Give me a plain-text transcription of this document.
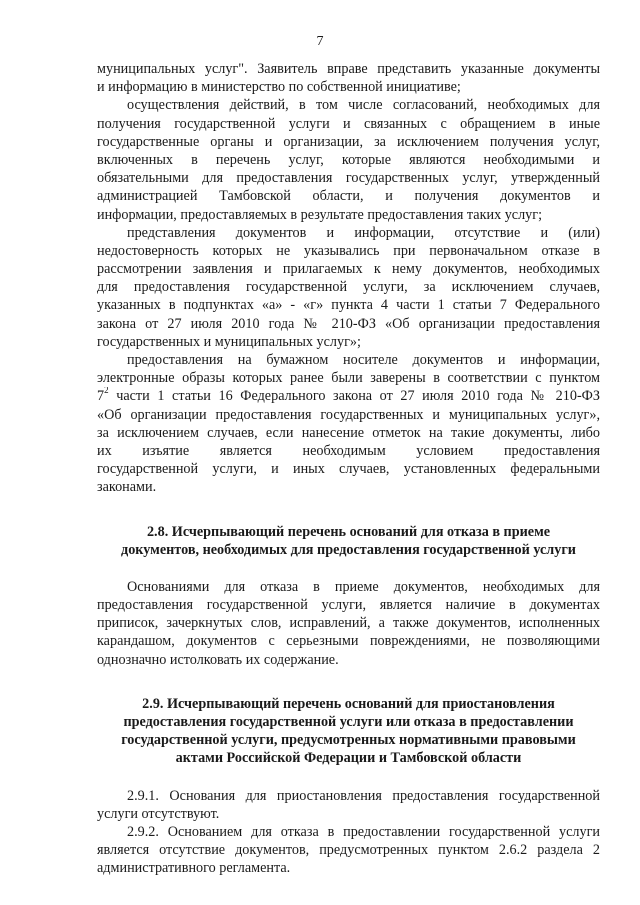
7
муниципальных услуг". Заявитель вправе представить указанные документы
и информацию в министерство по собственной инициативе;
осуществления действий, в том числе согласований, необходимых для
получения государственной услуги и связанных с обращением в иные
государственные органы и организации, за исключением получения услуг,
включенных в перечень услуг, которые являются необходимыми и
обязательными для предоставления государственных услуг, утвержденный
администрацией Тамбовской области, и получения документов и
информации, предоставляемых в результате предоставления таких услуг;
представления документов и информации, отсутствие и (или)
недостоверность которых не указывались при первоначальном отказе в
рассмотрении заявления и прилагаемых к нему документов, необходимых
для предоставления государственной услуги, за исключением случаев,
указанных в подпунктах «а» - «г» пункта 4 части 1 статьи 7 Федерального
закона от 27 июля 2010 года № 210-ФЗ «Об организации предоставления
государственных и муниципальных услуг»;
предоставления на бумажном носителе документов и информации,
электронные образы которых ранее были заверены в соответствии с пунктом
$7^2$ части 1 статьи 16 Федерального закона от 27 июля 2010 года № 210-ФЗ
«Об организации предоставления государственных и муниципальных услуг»,
за исключением случаев, если нанесение отметок на такие документы, либо
их изъятие является необходимым условием предоставления
государственной услуги, и иных случаев, установленных федеральными
законами.
2.8. Исчерпывающий перечень оснований для отказа в приеме
документов, необходимых для предоставления государственной услуги
Основаниями для отказа в приеме документов, необходимых для
предоставления государственной услуги, является наличие в документах
приписок, зачеркнутых слов, исправлений, а также документов, исполненных
карандашом, документов с серьезными повреждениями, не позволяющими
однозначно истолковать их содержание.
2.9. Исчерпывающий перечень оснований для приостановления
предоставления государственной услуги или отказа в предоставлении
государственной услуги, предусмотренных нормативными правовыми
актами Российской Федерации и Тамбовской области
2.9.1. Основания для приостановления предоставления государственной
услуги отсутствуют.
2.9.2. Основанием для отказа в предоставлении государственной услуги
является отсутствие документов, предусмотренных пунктом 2.6.2 раздела 2
административного регламента.
